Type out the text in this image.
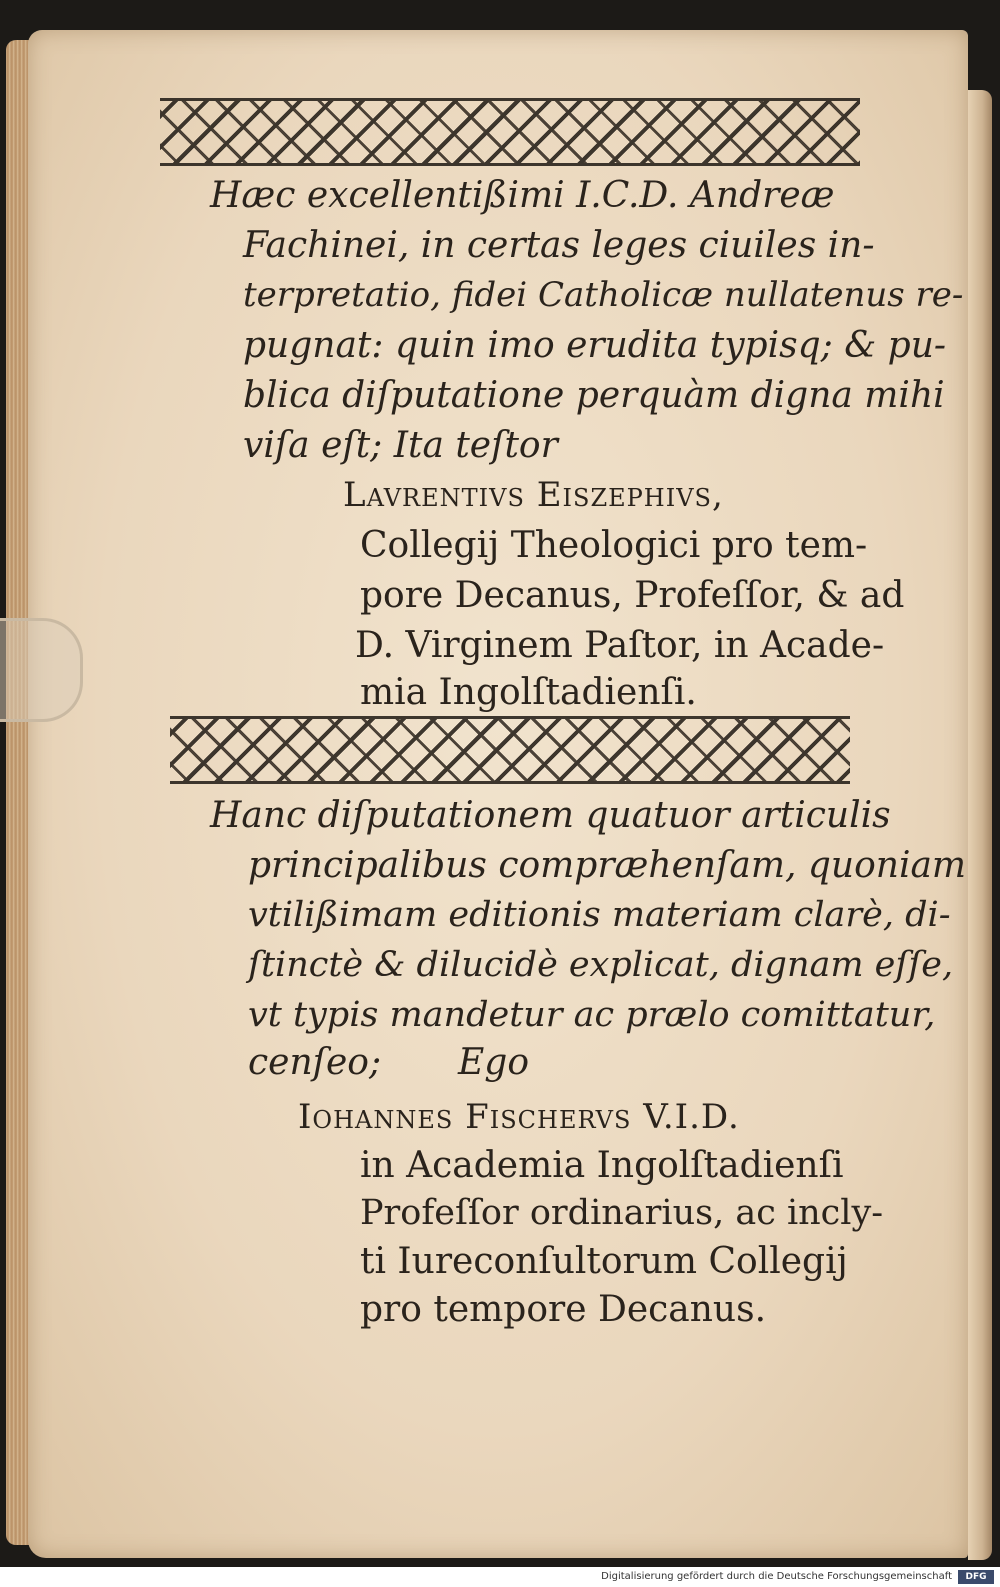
Hæc excellentißimi I.C.D. Andreæ
Fachinei, in certas leges ciuiles in-
terpretatio, fidei Catholicæ nullatenus re-
pugnat: quin imo erudita typisq; & pu-
blica diſputatione perquàm digna mihi
viſa eſt; Ita teſtor
Lavrentivs Eiszephivs,
Collegij Theologici pro tem-
pore Decanus, Profeſſor, & ad
D. Virginem Paſtor, in Acade-
mia Ingolſtadienſi.
Hanc diſputationem quatuor articulis
principalibus compræhenſam, quoniam
vtilißimam editionis materiam clarè, di-
ſtinctè & dilucidè explicat, dignam eſſe,
vt typis mandetur ac prælo comittatur,
cenſeo; Ego
Iohannes Fischervs V.I.D.
in Academia Ingolſtadienſi
Profeſſor ordinarius, ac incly-
ti Iureconſultorum Collegij
pro tempore Decanus.
Digitalisierung gefördert durch die Deutsche Forschungsgemeinschaft	DFG
